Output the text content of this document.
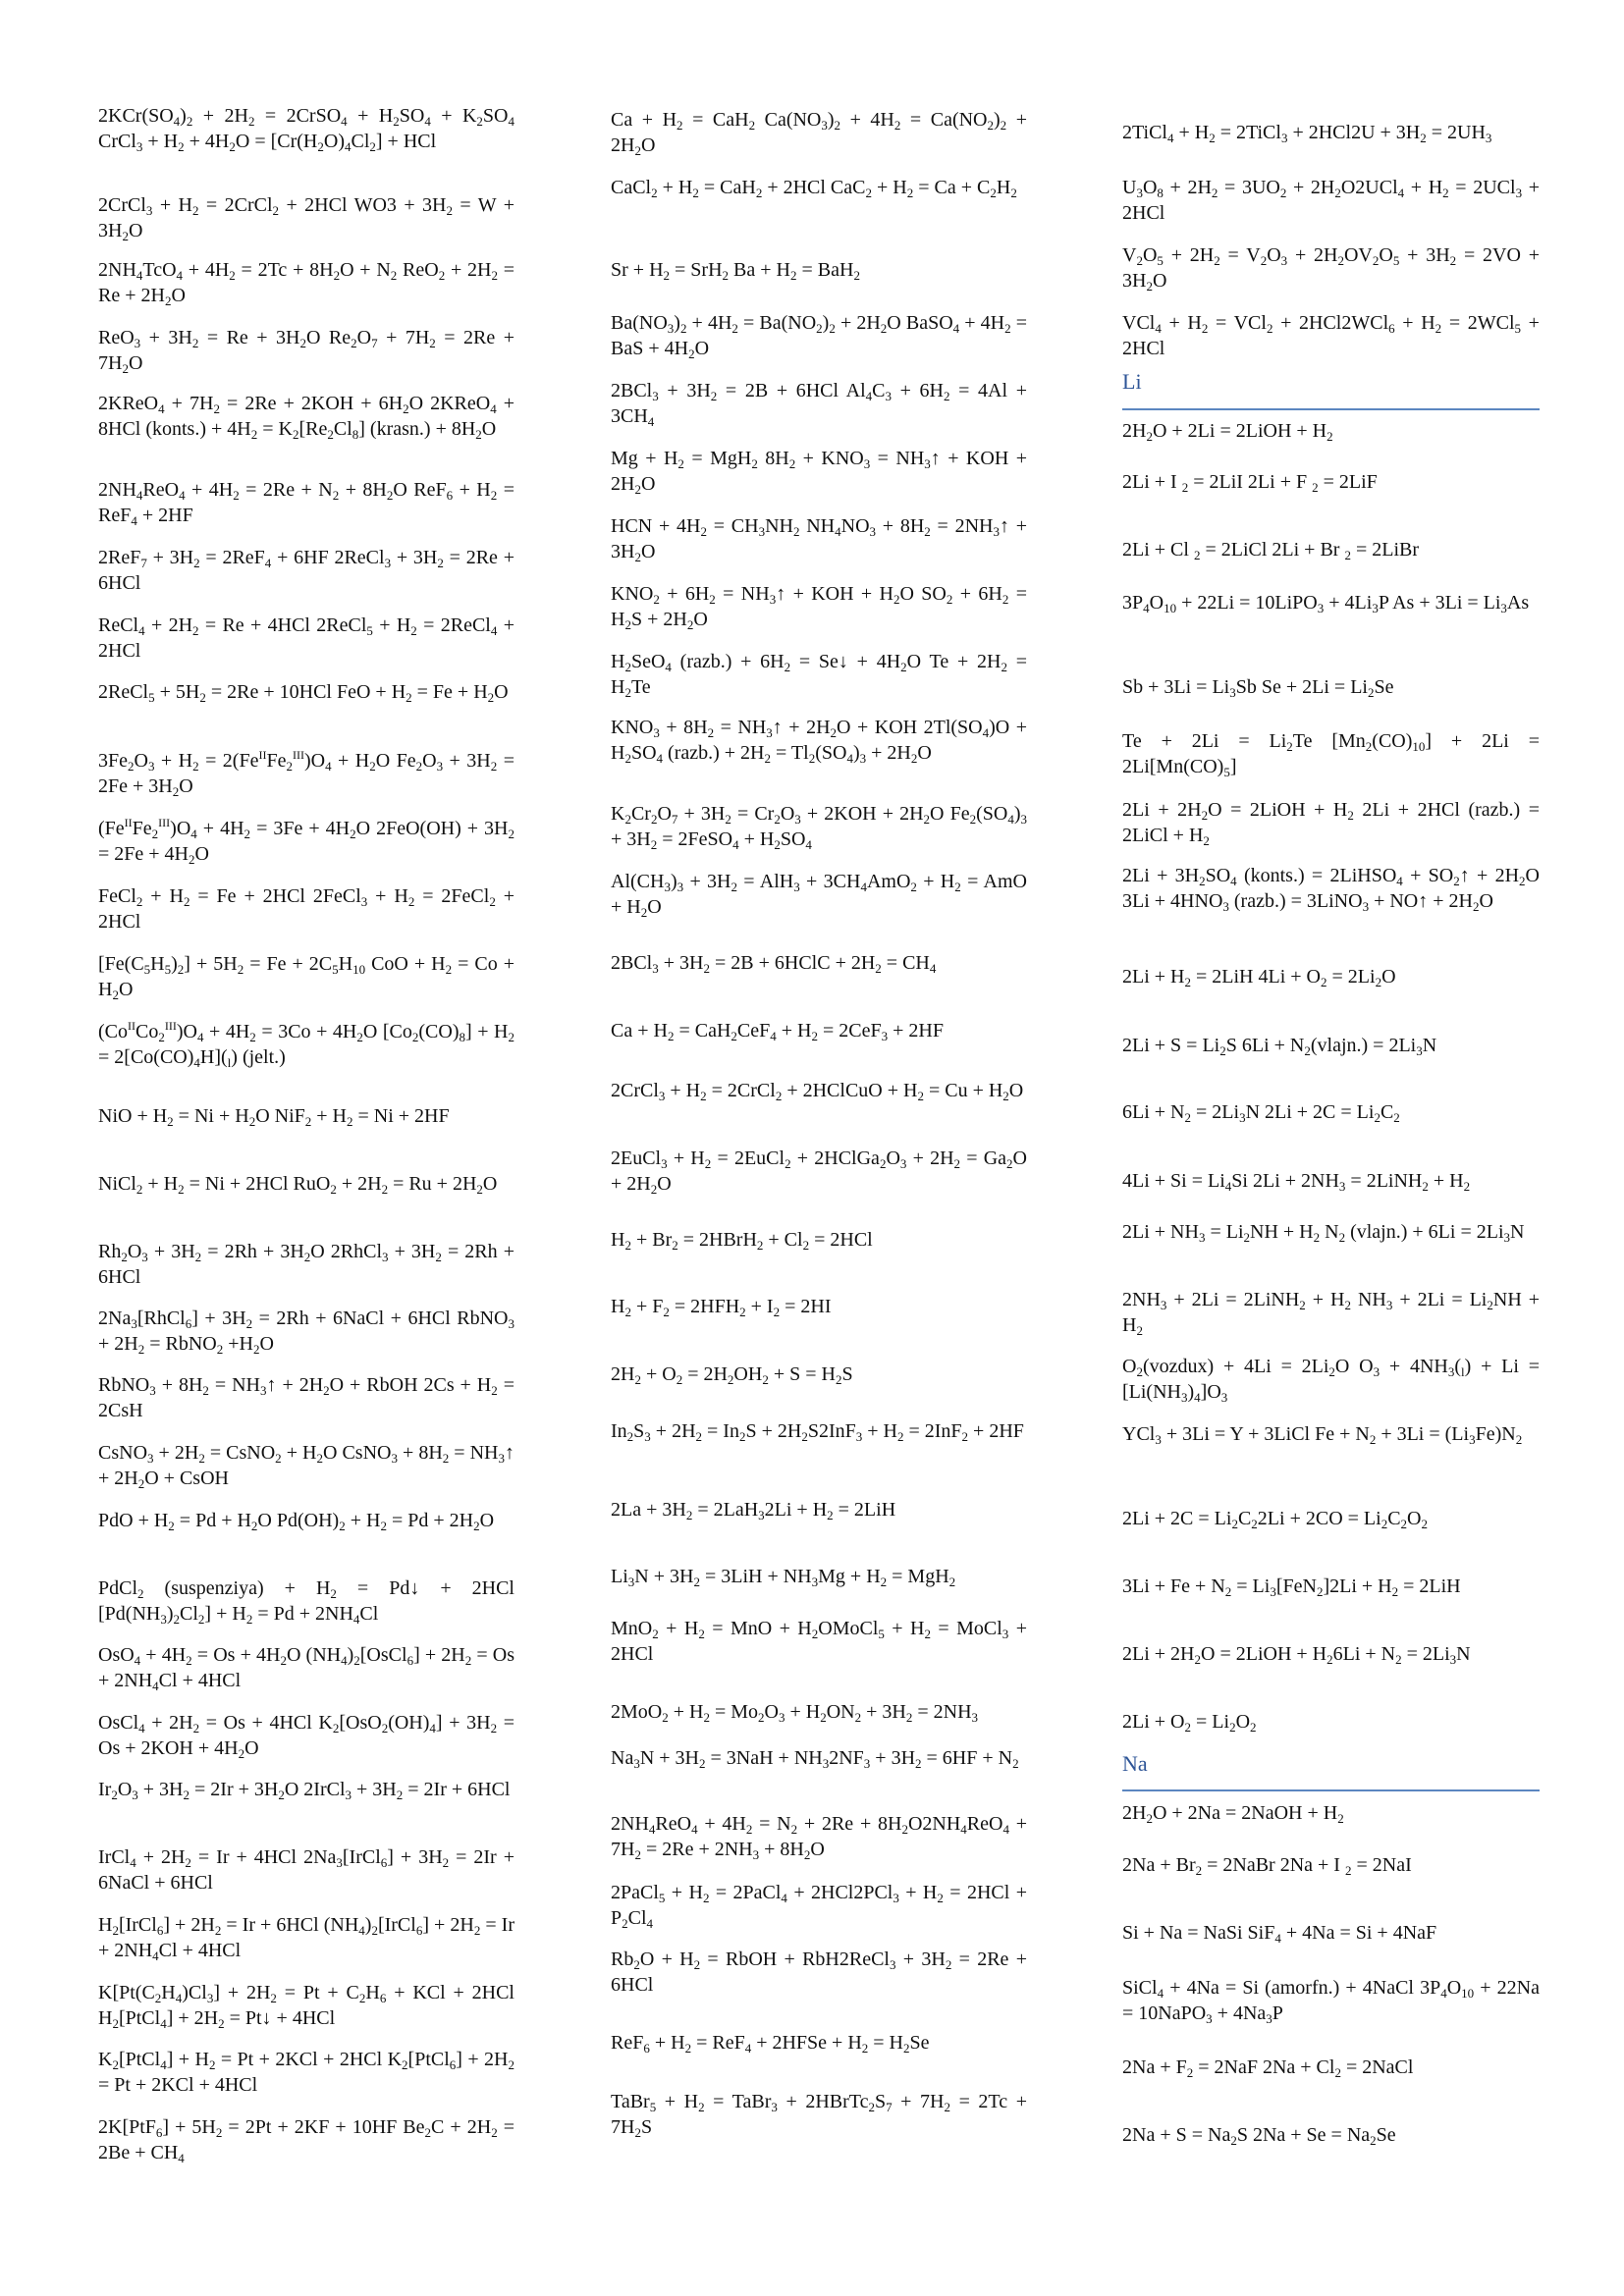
$2KCr(SO_4)_2 + 2H_2$ = 2CrSO$_4$ + $H_2SO_4 + K_2SO_4$ CrCl$_3$ + $H_2 + 4H_2O = [Cr(H_2O)_4Cl_2]$ + HCl
2CrCl$_3$ + $H_2$ = 2CrCl$_2$ + 2HCl $WO3 + 3H_2 = W + 3H_2O$
$2NH_4TcO_4 + 4H_2 = 2Tc + 8H_2O + N_2$ $ReO_2 + 2H_2 = Re + 2H_2O$
$ReO_3 + 3H_2 = Re + 3H_2O$ $Re_2O_7 + 7H_2 = 2Re + 7H_2O$
2KReO$_4$ + $7H_2 = 2Re + 2KOH + 6H_2O$ 2KReO$_4$ + 8HCl (konts.) + $4H_2 = K_2[Re_2Cl_8]$ (krasn.) + $8H_2O$
$2NH_4ReO_4 + 4H_2 = 2Re + N_2 + 8H_2O$ $ReF_6 + H_2 = ReF_4 + 2HF$
$2ReF_7 + 3H_2 = 2ReF_4 + 6HF$ 2ReCl$_3$ + $3H_2 = 2Re + 6HCl$
ReCl$_4$ + $2H_2 = Re + 4HCl$ 2ReCl$_5$ + $H_2$ = 2ReCl$_4$ + 2HCl
2ReCl$_5$ + $5H_2 = 2Re + 10HCl$ FeO + $H_2 = Fe + H_2O$
$3Fe_2O_3 + H_2 = 2(Fe^{II}Fe_2^{III})O_4 + H_2O$ $Fe_2O_3 + 3H_2 = 2Fe + 3H_2O$
$(Fe^{II}Fe_2^{III})O_4 + 4H_2 = 3Fe + 4H_2O$ $2FeO(OH) + 3H_2 = 2Fe + 4H_2O$
FeCl$_2$ + $H_2 = Fe + 2HCl$ 2FeCl$_3$ + $H_2$ = 2FeCl$_2$ + 2HCl
$[Fe(C_5H_5)_2] + 5H_2 = Fe + 2C_5H_{10}$ CoO + $H_2 = Co + H_2O$
$(Co^{II}Co_2^{III})O_4 + 4H_2 = 3Co + 4H_2O$ $[Co_2(CO)_8] + H_2 = 2[Co(CO)_4H](_l)$ (jelt.)
NiO + $H_2 = Ni + H_2O$ $NiF_2 + H_2 = Ni + 2HF$
NiCl$_2$ + $H_2 = Ni + 2HCl$ $RuO_2 + 2H_2 = Ru + 2H_2O$
$Rh_2O_3 + 3H_2 = 2Rh + 3H_2O$ 2RhCl$_3$ + $3H_2 = 2Rh + 6HCl$
$2Na_3[RhCl_6] + 3H_2 = 2Rh$ + 6NaCl + 6HCl RbNO$_3$ + $2H_2$ = RbNO$_2$ $+H_2O$
RbNO$_3$ + $8H_2$ = $NH_3↑ + 2H_2O$ + RbOH $2Cs + H_2 = 2CsH$
CsNO$_3$ + $2H_2$ = CsNO$_2$ + $H_2O$ CsNO$_3$ + $8H_2$ = $NH_3↑ + 2H_2O$ + CsOH
PdO + $H_2 = Pd + H_2O$ $Pd(OH)_2 + H_2 = Pd + 2H_2O$
PdCl$_2$ (suspenziya) + $H_2$ = Pd↓ + 2HCl $[Pd(NH_3)_2Cl_2] + H_2 = Pd + 2NH_4Cl$
$OsO_4 + 4H_2 = Os + 4H_2O$ $(NH_4)_2[OsCl_6] + 2H_2 = Os + 2NH_4Cl + 4HCl$
OsCl$_4$ + $2H_2 = Os + 4HCl$ $K_2[OsO_2(OH)_4] + 3H_2 = Os + 2KOH + 4H_2O$
$Ir_2O_3 + 3H_2 = 2Ir + 3H_2O$ 2IrCl$_3$ + $3H_2 = 2Ir + 6HCl$
IrCl$_4$ + $2H_2 = Ir + 4HCl$ $2Na_3[IrCl_6] + 3H_2 = 2Ir$ + 6NaCl + 6HCl
$H_2[IrCl_6] + 2H_2 = Ir + 6HCl$ $(NH_4)_2[IrCl_6] + 2H_2 = Ir + 2NH_4Cl + 4HCl$
$K[Pt(C_2H_4)Cl_3] + 2H_2 = Pt + C_2H_6$ + KCl + 2HCl $H_2[PtCl_4] + 2H_2$ = Pt↓ + 4HCl
$K_2[PtCl_4] + H_2 = Pt + 2KCl + 2HCl$ $K_2[PtCl_6] + 2H_2 = Pt + 2KCl + 4HCl$
$2K[PtF_6] + 5H_2 = 2Pt + 2KF + 10HF$ $Be_2C + 2H_2 = 2Be + CH_4$
$Ca + H_2 = CaH_2$ $Ca(NO_3)_2 + 4H_2 = Ca(NO_2)_2 + 2H_2O$
CaCl$_2$ + $H_2 = CaH_2 + 2HCl$ $CaC_2 + H_2 = Ca + C_2H_2$
$Sr + H_2 = SrH_2$ $Ba + H_2 = BaH_2$
$Ba(NO_3)_2 + 4H_2 = Ba(NO_2)_2 + 2H_2O$ BaSO$_4$ + $4H_2$ = BaS + $4H_2O$
$2BCl_3 + 3H_2 = 2B + 6HCl$ $Al_4C_3 + 6H_2 = 4Al + 3CH_4$
$Mg + H_2 = MgH_2$ $8H_2 + KNO_3$ = $NH_3↑$ + KOH + $2H_2O$
HCN + $4H_2 = CH_3NH_2$ $NH_4NO_3 + 8H_2$ = $2NH_3↑ + 3H_2O$
$KNO_2 + 6H_2$ = $NH_3↑$ + KOH + $H_2O$ $SO_2 + 6H_2 = H_2S + 2H_2O$
$H_2SeO_4$ (razb.) + $6H_2$ = Se↓ + $4H_2O$ $Te + 2H_2 = H_2Te$
$KNO_3 + 8H_2$ = $NH_3↑ + 2H_2O$ + KOH $2Tl(SO_4)O + H_2SO_4$ (razb.) + $2H_2 = Tl_2(SO_4)_3 + 2H_2O$
$K_2Cr_2O_7 + 3H_2 = Cr_2O_3 + 2KOH + 2H_2O$ $Fe_2(SO_4)_3 + 3H_2$ = 2FeSO$_4$ + $H_2SO_4$
$Al(CH_3)_3 + 3H_2 = AlH_3 + 3CH_4AmO_2 + H_2$ = AmO + $H_2O$
$2BCl_3 + 3H_2 = 2B$ + 6HClC + $2H_2 = CH_4$
$Ca + H_2 = CaH_2CeF_4 + H_2 = 2CeF_3 + 2HF$
2CrCl$_3$ + $H_2$ = 2CrCl$_2$ + 2HClCuO + $H_2 = Cu + H_2O$
2EuCl$_3$ + $H_2$ = 2EuCl$_2$ + $2HClGa_2O_3 + 2H_2 = Ga_2O + 2H_2O$
$H_2 + Br_2$ = 2HBrH$_2$ + $Cl_2 = 2HCl$
$H_2 + F_2 = 2HFH_2 + I_2 = 2HI$
$2H_2 + O_2 = 2H_2OH_2 + S = H_2S$
$In_2S_3 + 2H_2 = In_2S + 2H_2S2InF_3 + H_2 = 2InF_2 + 2HF$
$2La + 3H_2 = 2LaH_32Li + H_2 = 2LiH$
$Li_3N + 3H_2 = 3LiH + NH_3Mg + H_2 = MgH_2$
$MnO_2 + H_2$ = MnO + $H_2OMoCl_5 + H_2$ = MoCl$_3$ + 2HCl
$2MoO_2 + H_2 = Mo_2O_3 + H_2ON_2 + 3H_2 = 2NH_3$
$Na_3N + 3H_2 = 3NaH + NH_32NF_3 + 3H_2 = 6HF + N_2$
$2NH_4ReO_4 + 4H_2 = N_2 + 2Re + 8H_2O2NH_4ReO_4 + 7H_2 = 2Re + 2NH_3 + 8H_2O$
2PaCl$_5$ + $H_2$ = 2PaCl$_4$ + $2HCl2PCl_3 + H_2 = 2HCl + P_2Cl_4$
$Rb_2O + H_2$ = RbOH + RbH2ReCl$_3$ + $3H_2 = 2Re + 6HCl$
$ReF_6 + H_2 = ReF_4$ + 2HFSe + $H_2 = H_2Se$
TaBr$_5$ + $H_2$ = TaBr$_3$ + $2HBrTc_2S_7 + 7H_2 = 2Tc + 7H_2S$
2TiCl$_4$ + $H_2$ = 2TiCl$_3$ + $2HCl2U + 3H_2 = 2UH_3$
$U_3O_8 + 2H_2 = 3UO_2 + 2H_2O2UCl_4 + H_2 = 2UCl_3 + 2HCl$
$V_2O_5 + 2H_2 = V_2O_3 + 2H_2OV_2O_5 + 3H_2 = 2VO + 3H_2O$
$VCl_4 + H_2 = VCl_2 + 2HCl2WCl_6 + H_2 = 2WCl_5 + 2HCl$
Li
$2H_2O + 2Li$ = 2LiOH + $H_2$
2Li + I $_2$ = 2LiI 2Li + F $_2$ = 2LiF
2Li + Cl $_2$ = 2LiCl 2Li + Br $_2$ = 2LiBr
$3P_4O_{10} + 22Li$ = 10LiPO$_3$ + $4Li_3P$ $As + 3Li = Li_3As$
$Sb + 3Li = Li_3Sb$ $Se + 2Li = Li_2Se$
$Te + 2Li = Li_2Te$ $[Mn_2(CO)_{10}] + 2Li = 2Li[Mn(CO)_5]$
$2Li + 2H_2O$ = 2LiOH + $H_2$ 2Li + 2HCl (razb.) = 2LiCl + $H_2$
$2Li + 3H_2SO_4$ (konts.) = 2LiHSO$_4$ + $SO_2↑ + 2H_2O$ $3Li + 4HNO_3$ (razb.) = 3LiNO$_3$ + NO↑ + $2H_2O$
$2Li + H_2 = 2LiH$ $4Li + O_2 = 2Li_2O$
$2Li + S = Li_2S$ $6Li + N_2(vlajn.) = 2Li_3N$
$6Li + N_2 = 2Li_3N$ $2Li + 2C = Li_2C_2$
$4Li + Si = Li_4Si$ $2Li + 2NH_3$ = 2LiNH$_2$ + $H_2$
$2Li + NH_3 = Li_2NH + H_2$ $N_2$ (vlajn.) + $6Li = 2Li_3N$
$2NH_3 + 2Li$ = 2LiNH$_2$ + $H_2$ $NH_3 + 2Li = Li_2NH + H_2$
$O_2(vozdux) + 4Li = 2Li_2O$ $O_3 + 4NH_3(_l) + Li = [Li(NH_3)_4]O_3$
YCl$_3$ + 3Li = Y + 3LiCl $Fe + N_2 + 3Li = (Li_3Fe)N_2$
$2Li + 2C = Li_2C_22Li + 2CO = Li_2C_2O_2$
$3Li + Fe + N_2 = Li_3[FeN_2]2Li + H_2 = 2LiH$
$2Li + 2H_2O$ = 2LiOH + $H_26Li + N_2 = 2Li_3N$
$2Li + O_2 = Li_2O_2$
Na
$2H_2O + 2Na$ = 2NaOH + $H_2$
$2Na + Br_2$ = 2NaBr 2Na + I $_2$ = 2NaI
Si + Na = NaSi SiF$_4$ + 4Na = Si + 4NaF
SiCl$_4$ + 4Na = Si (amorfn.) + 4NaCl $3P_4O_{10} + 22Na$ = 10NaPO$_3$ + $4Na_3P$
$2Na + F_2 = 2NaF$ $2Na + Cl_2$ = 2NaCl
$2Na + S = Na_2S$ $2Na + Se = Na_2Se$
